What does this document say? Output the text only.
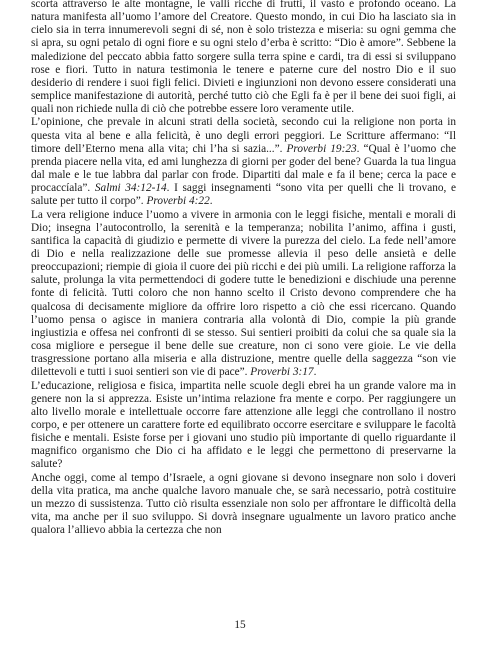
scorta attraverso le alte montagne, le valli ricche di frutti, il vasto e profondo oceano. La natura manifesta all’uomo l’amore del Creatore. Questo mondo, in cui Dio ha lasciato sia in cielo sia in terra innumerevoli segni di sé, non è solo tristezza e miseria: su ogni gemma che si apra, su ogni petalo di ogni fiore e su ogni stelo d’erba è scritto: “Dio è amore”. Sebbene la maledizione del peccato abbia fatto sorgere sulla terra spine e cardi, tra di essi si sviluppano rose e fiori. Tutto in natura testimonia le tenere e paterne cure del nostro Dio e il suo desiderio di rendere i suoi figli felici. Divieti e ingiunzioni non devono essere considerati una semplice manifestazione di autorità, perché tutto ciò che Egli fa è per il bene dei suoi figli, ai quali non richiede nulla di ciò che potrebbe essere loro veramente utile.

L’opinione, che prevale in alcuni strati della società, secondo cui la religione non porta in questa vita al bene e alla felicità, è uno degli errori peggiori. Le Scritture affermano: “Il timore dell’Eterno mena alla vita; chi l’ha si sazia...”. Proverbi 19:23. “Qual è l’uomo che prenda piacere nella vita, ed ami lunghezza di giorni per goder del bene? Guarda la tua lingua dal male e le tue labbra dal parlar con frode. Dipartiti dal male e fa il bene; cerca la pace e procaccíala”. Salmi 34:12-14. I saggi insegnamenti “sono vita per quelli che li trovano, e salute per tutto il corpo”. Proverbi 4:22.

La vera religione induce l’uomo a vivere in armonia con le leggi fisiche, mentali e morali di Dio; insegna l’autocontrollo, la serenità e la temperanza; nobilita l’animo, affina i gusti, santifica la capacità di giudizio e permette di vivere la purezza del cielo. La fede nell’amore di Dio e nella realizzazione delle sue promesse allevia il peso delle ansietà e delle preoccupazioni; riempie di gioia il cuore dei più ricchi e dei più umili. La religione rafforza la salute, prolunga la vita permettendoci di godere tutte le benedizioni e dischiude una perenne fonte di felicità. Tutti coloro che non hanno scelto il Cristo devono comprendere che ha qualcosa di decisamente migliore da offrire loro rispetto a ciò che essi ricercano. Quando l’uomo pensa o agisce in maniera contraria alla volontà di Dio, compie la più grande ingiustizia e offesa nei confronti di se stesso. Sui sentieri proibiti da colui che sa quale sia la cosa migliore e persegue il bene delle sue creature, non ci sono vere gioie. Le vie della trasgressione portano alla miseria e alla distruzione, mentre quelle della saggezza “son vie dilettevoli e tutti i suoi sentieri son vie di pace”. Proverbi 3:17.

L’educazione, religiosa e fisica, impartita nelle scuole degli ebrei ha un grande valore ma in genere non la si apprezza. Esiste un’intima relazione fra mente e corpo. Per raggiungere un alto livello morale e intellettuale occorre fare attenzione alle leggi che controllano il nostro corpo, e per ottenere un carattere forte ed equilibrato occorre esercitare e sviluppare le facoltà fisiche e mentali. Esiste forse per i giovani uno studio più importante di quello riguardante il magnifico organismo che Dio ci ha affidato e le leggi che permettono di preservarne la salute?

Anche oggi, come al tempo d’Israele, a ogni giovane si devono insegnare non solo i doveri della vita pratica, ma anche qualche lavoro manuale che, se sarà necessario, potrà costituire un mezzo di sussistenza. Tutto ciò risulta essenziale non solo per affrontare le difficoltà della vita, ma anche per il suo sviluppo. Si dovrà insegnare ugualmente un lavoro pratico anche qualora l’allievo abbia la certezza che non

15
